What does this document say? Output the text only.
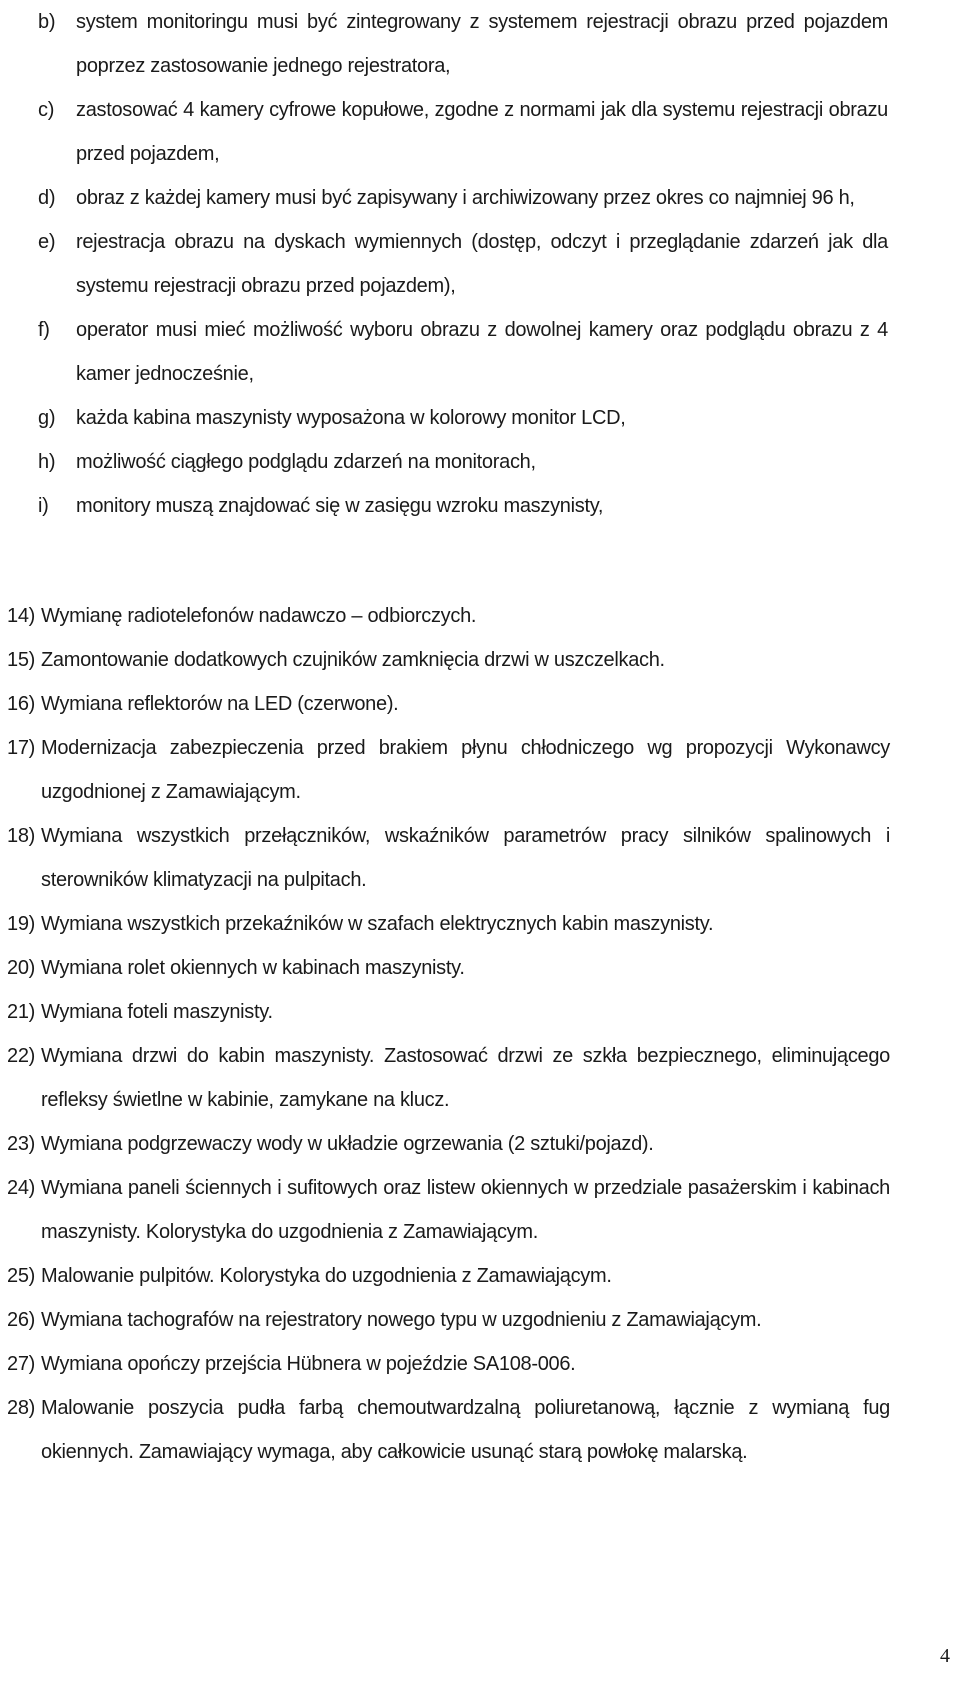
b)	system monitoringu musi być zintegrowany z systemem rejestracji obrazu przed pojazdem poprzez zastosowanie jednego rejestratora,
c)	zastosować 4 kamery cyfrowe kopułowe, zgodne z normami jak dla systemu rejestracji obrazu przed pojazdem,
d)	obraz z każdej kamery musi być zapisywany i archiwizowany przez okres co najmniej 96 h,
e)	rejestracja obrazu na dyskach wymiennych (dostęp, odczyt i przeglądanie zdarzeń jak dla systemu rejestracji obrazu przed pojazdem),
f)	operator musi mieć możliwość wyboru obrazu z dowolnej kamery oraz podglądu obrazu z 4 kamer jednocześnie,
g)	każda kabina maszynisty wyposażona w kolorowy monitor LCD,
h)	możliwość ciągłego podglądu zdarzeń na monitorach,
i)	monitory muszą znajdować się w zasięgu wzroku maszynisty,
14) Wymianę radiotelefonów nadawczo – odbiorczych.
15) Zamontowanie dodatkowych czujników zamknięcia drzwi w uszczelkach.
16) Wymiana reflektorów na LED (czerwone).
17) Modernizacja zabezpieczenia przed brakiem płynu chłodniczego wg propozycji Wykonawcy uzgodnionej z Zamawiającym.
18) Wymiana wszystkich przełączników, wskaźników parametrów pracy silników spalinowych i sterowników klimatyzacji na pulpitach.
19) Wymiana wszystkich przekaźników w szafach elektrycznych kabin maszynisty.
20) Wymiana rolet okiennych w kabinach maszynisty.
21) Wymiana foteli maszynisty.
22) Wymiana drzwi do kabin maszynisty. Zastosować drzwi ze szkła bezpiecznego, eliminującego refleksy świetlne w kabinie, zamykane na klucz.
23) Wymiana podgrzewaczy wody w układzie ogrzewania (2 sztuki/pojazd).
24) Wymiana paneli ściennych i sufitowych oraz listew okiennych w przedziale pasażerskim i kabinach maszynisty. Kolorystyka do uzgodnienia z Zamawiającym.
25) Malowanie pulpitów. Kolorystyka do uzgodnienia z Zamawiającym.
26) Wymiana tachografów na rejestratory nowego typu w uzgodnieniu z Zamawiającym.
27) Wymiana opończy przejścia Hübnera w pojeździe SA108-006.
28) Malowanie poszycia pudła farbą chemoutwardzalną poliuretanową, łącznie z wymianą fug okiennych. Zamawiający wymaga, aby całkowicie usunąć starą powłokę malarską.
4
